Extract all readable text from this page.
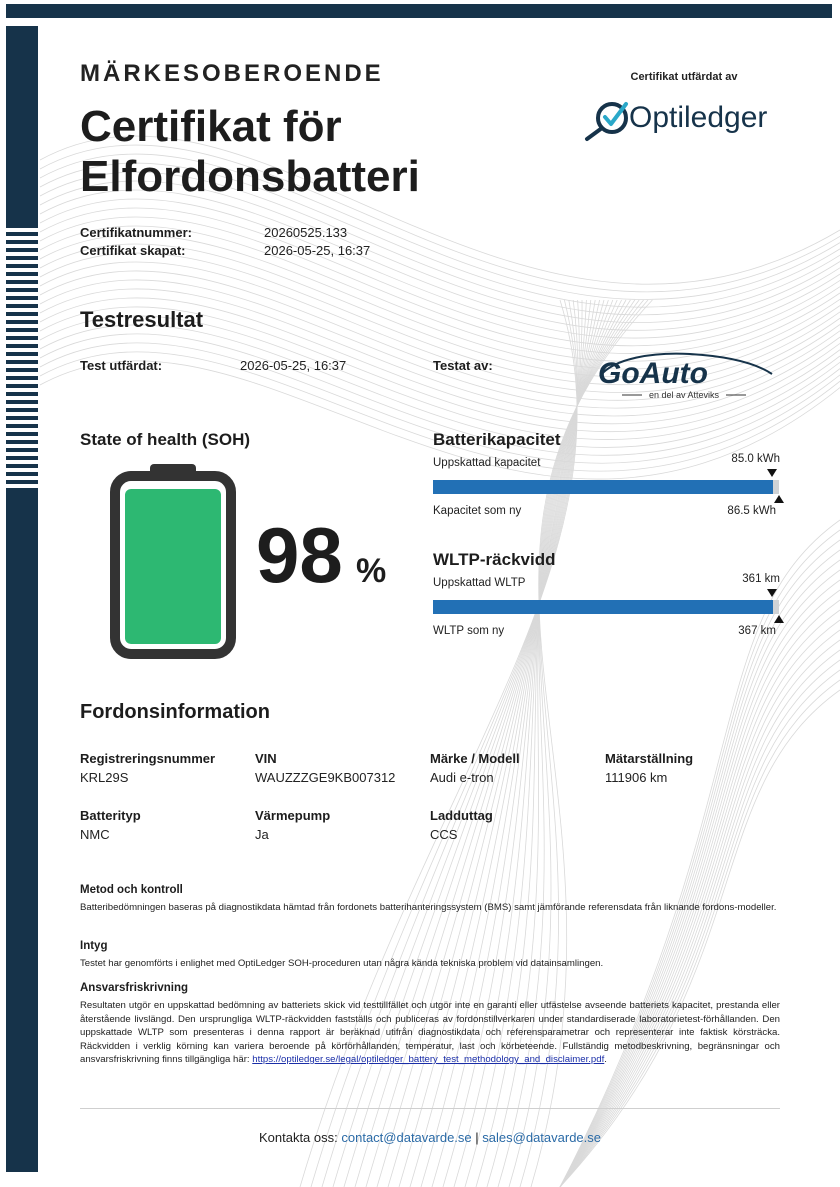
MÄRKESOBEROENDE
Certifikat för
Elfordonsbatteri
Certifikat utfärdat av
Optiledger
Certifikatnummer:	20260525.133
Certifikat skapat:	2026-05-25, 16:37
Testresultat
Test utfärdat:	2026-05-25, 16:37	Testat av:	GoAuto
en del av Atteviks
State of health (SOH)
98 %
Batterikapacitet
Uppskattad kapacitet	85.0 kWh
Kapacitet som ny	86.5 kWh
WLTP-räckvidd
Uppskattad WLTP	361 km
WLTP som ny	367 km
Fordonsinformation
Registreringsnummer
KRL29S
VIN
WAUZZZGE9KB007312
Märke / Modell
Audi e-tron
Mätarställning
111906 km
Batterityp
NMC
Värmepump
Ja
Ladduttag
CCS
Metod och kontroll
Batteribedömningen baseras på diagnostikdata hämtad från fordonets batterihanteringssystem (BMS) samt jämförande referensdata från liknande fordons-modeller.
Intyg
Testet har genomförts i enlighet med OptiLedger SOH-proceduren utan några kända tekniska problem vid datainsamlingen.
Ansvarsfriskrivning
Resultaten utgör en uppskattad bedömning av batteriets skick vid testtillfället och utgör inte en garanti eller utfästelse avseende batteriets kapacitet, prestanda eller återstående livslängd. Den ursprungliga WLTP-räckvidden fastställs och publiceras av fordonstillverkaren under standardiserade laboratorietest-förhållanden. Den uppskattade WLTP som presenteras i denna rapport är beräknad utifrån diagnostikdata och referensparametrar och representerar inte faktisk körsträcka. Räckvidden i verklig körning kan variera beroende på körförhållanden, temperatur, last och körbeteende. Fullständig metodbeskrivning, begränsningar och ansvarsfriskrivning finns tillgängliga här: https://optiledger.se/legal/optiledger_battery_test_methodology_and_disclaimer.pdf.
Kontakta oss: contact@datavarde.se | sales@datavarde.se
